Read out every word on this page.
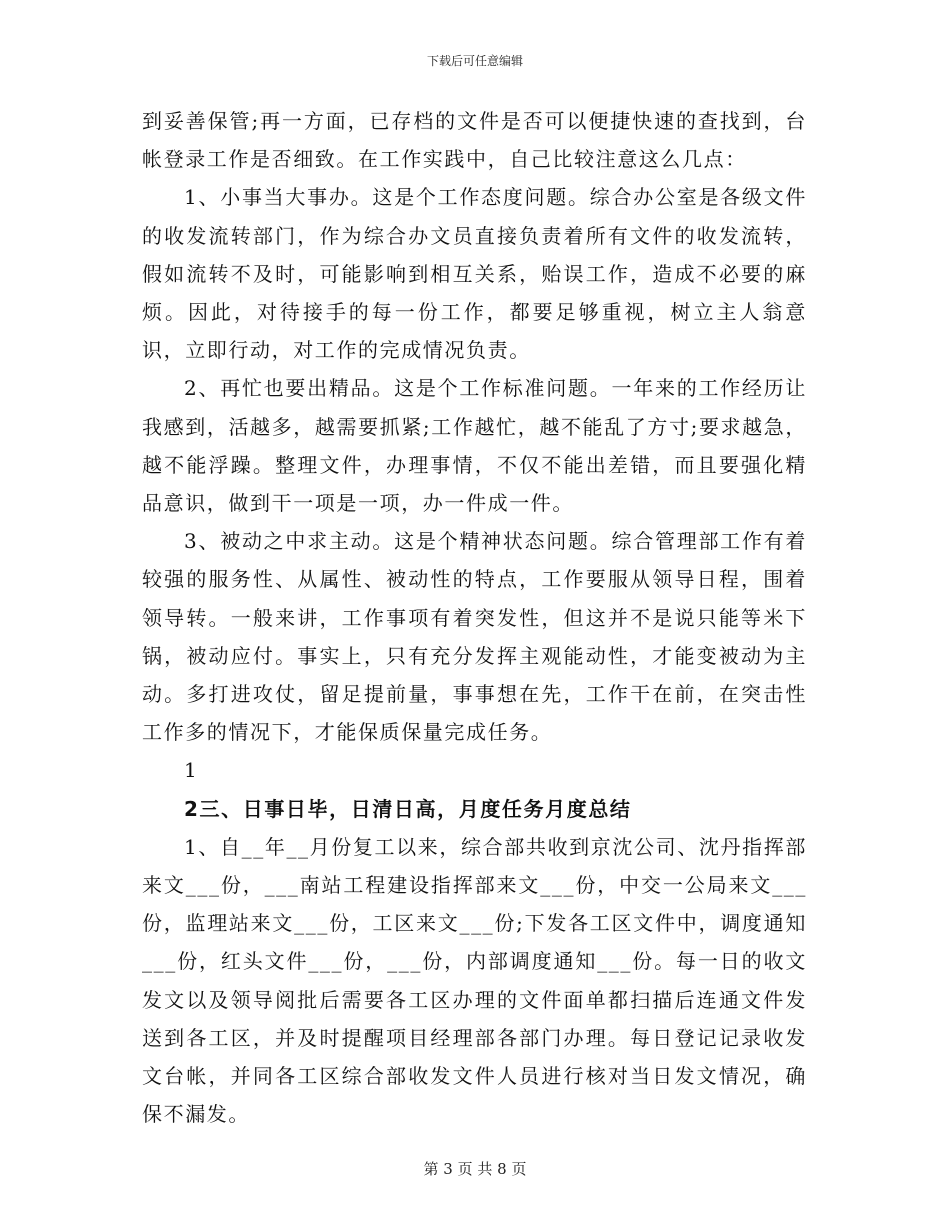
下载后可任意编辑

到妥善保管;再一方面，已存档的文件是否可以便捷快速的查找到，台帐登录工作是否细致。在工作实践中，自己比较注意这么几点：

1、小事当大事办。这是个工作态度问题。综合办公室是各级文件的收发流转部门，作为综合办文员直接负责着所有文件的收发流转，假如流转不及时，可能影响到相互关系，贻误工作，造成不必要的麻烦。因此，对待接手的每一份工作，都要足够重视，树立主人翁意识，立即行动，对工作的完成情况负责。

2、再忙也要出精品。这是个工作标准问题。一年来的工作经历让我感到，活越多，越需要抓紧;工作越忙，越不能乱了方寸;要求越急，越不能浮躁。整理文件，办理事情，不仅不能出差错，而且要强化精品意识，做到干一项是一项，办一件成一件。

3、被动之中求主动。这是个精神状态问题。综合管理部工作有着较强的服务性、从属性、被动性的特点，工作要服从领导日程，围着领导转。一般来讲，工作事项有着突发性，但这并不是说只能等米下锅，被动应付。事实上，只有充分发挥主观能动性，才能变被动为主动。多打进攻仗，留足提前量，事事想在先，工作干在前，在突击性工作多的情况下，才能保质保量完成任务。

1

2三、日事日毕，日清日高，月度任务月度总结

1、自__年__月份复工以来，综合部共收到京沈公司、沈丹指挥部来文___份，___南站工程建设指挥部来文___份，中交一公局来文___份，监理站来文___份，工区来文___份;下发各工区文件中，调度通知___份，红头文件___份，___份，内部调度通知___份。每一日的收文发文以及领导阅批后需要各工区办理的文件面单都扫描后连通文件发送到各工区，并及时提醒项目经理部各部门办理。每日登记记录收发文台帐，并同各工区综合部收发文件人员进行核对当日发文情况，确保不漏发。

第 3 页 共 8 页
